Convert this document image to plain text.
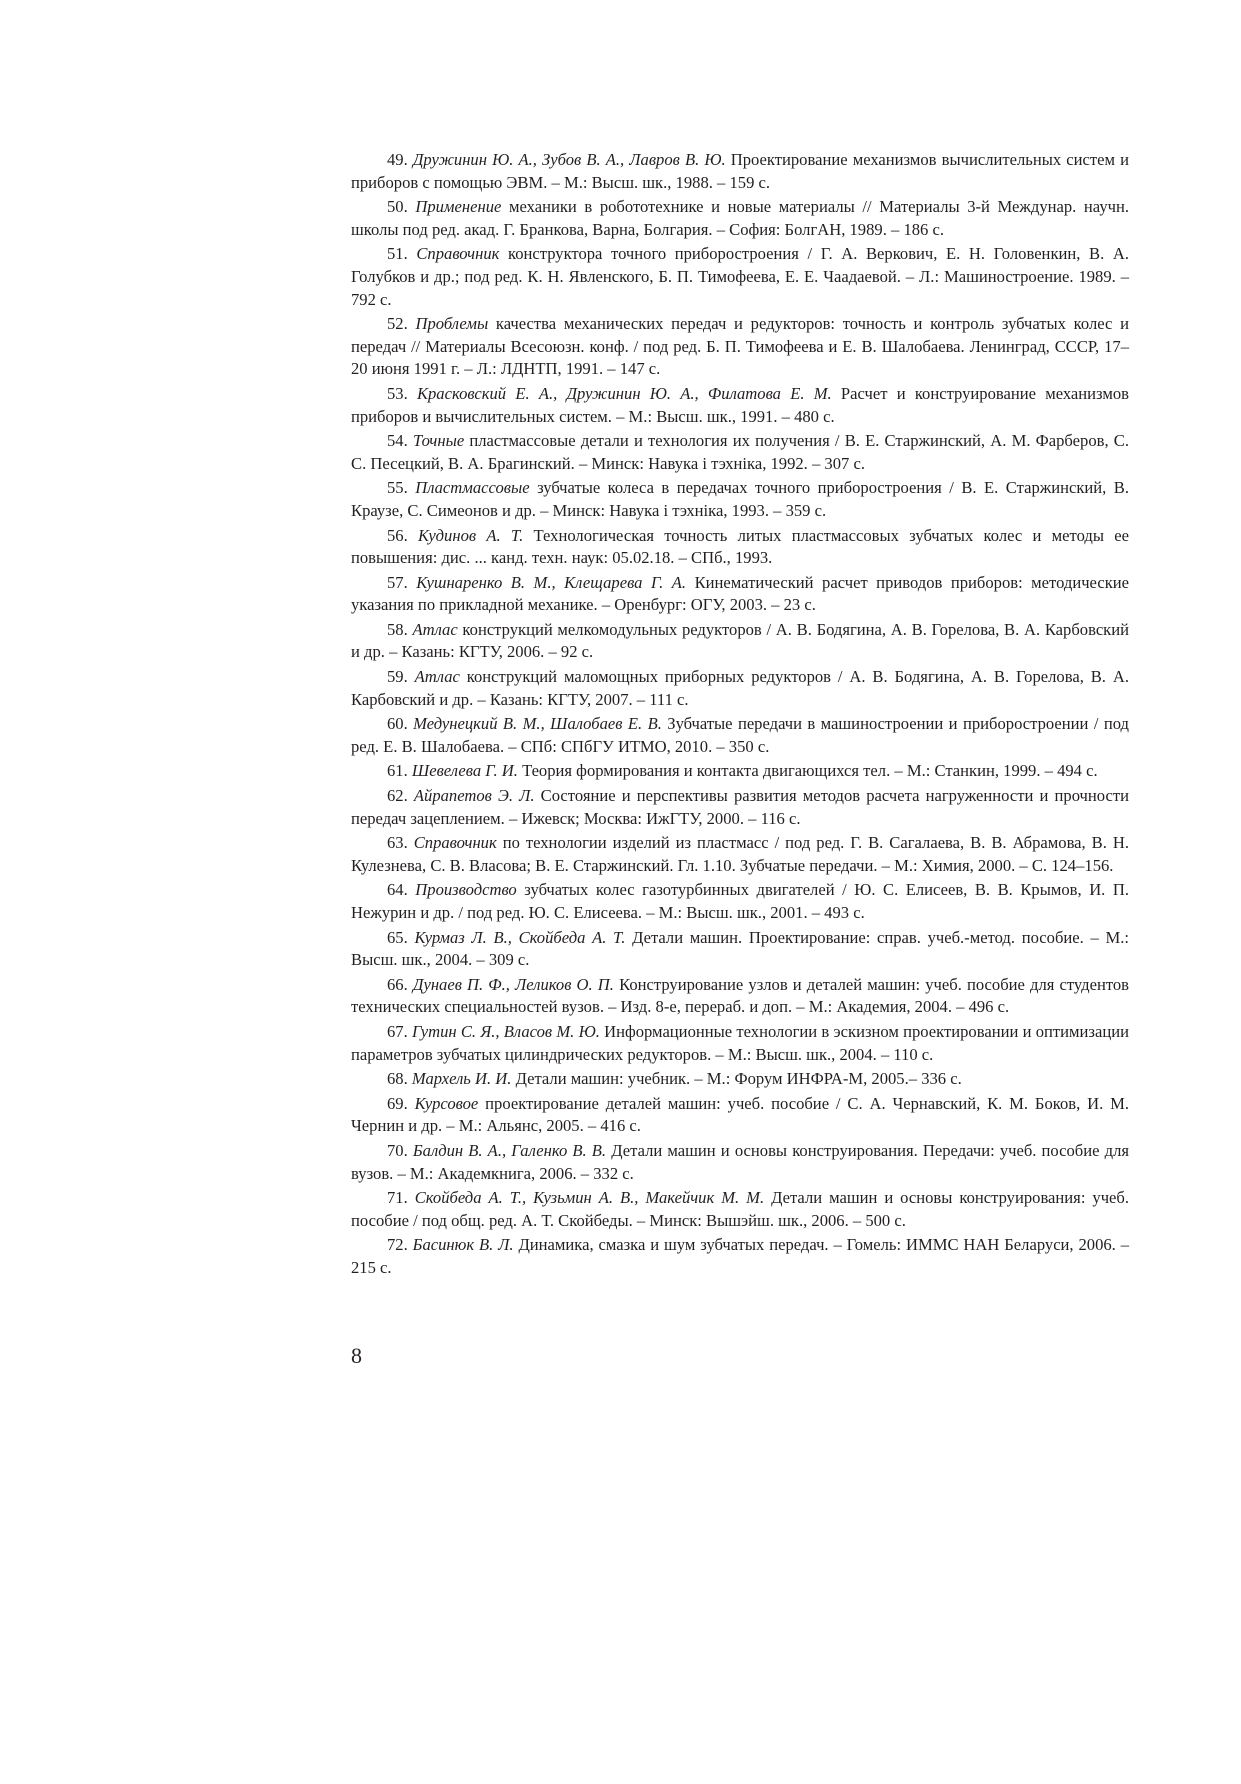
49. Дружинин Ю. А., Зубов В. А., Лавров В. Ю. Проектирование механизмов вычислительных систем и приборов с помощью ЭВМ. – М.: Высш. шк., 1988. – 159 с.

50. Применение механики в робототехнике и новые материалы // Материалы 3-й Междунар. научн. школы под ред. акад. Г. Бранкова, Варна, Болгария. – София: БолгАН, 1989. – 186 с.

51. Справочник конструктора точного приборостроения / Г. А. Веркович, Е. Н. Головенкин, В. А. Голубков и др.; под ред. К. Н. Явленского, Б. П. Тимофеева, Е. Е. Чаадаевой. – Л.: Машиностроение. 1989. – 792 с.

52. Проблемы качества механических передач и редукторов: точность и контроль зубчатых колес и передач // Материалы Всесоюзн. конф. / под ред. Б. П. Тимофеева и Е. В. Шалобаева. Ленинград, СССР, 17–20 июня 1991 г. – Л.: ЛДНТП, 1991. – 147 с.

53. Красковский Е. А., Дружинин Ю. А., Филатова Е. М. Расчет и конструирование механизмов приборов и вычислительных систем. – М.: Высш. шк., 1991. – 480 с.

54. Точные пластмассовые детали и технология их получения / В. Е. Старжинский, А. М. Фарберов, С. С. Песецкий, В. А. Брагинский. – Минск: Навука і тэхніка, 1992. – 307 с.

55. Пластмассовые зубчатые колеса в передачах точного приборостроения / В. Е. Старжинский, В. Краузе, С. Симеонов и др. – Минск: Навука і тэхніка, 1993. – 359 с.

56. Кудинов А. Т. Технологическая точность литых пластмассовых зубчатых колес и методы ее повышения: дис. ... канд. техн. наук: 05.02.18. – СПб., 1993.

57. Кушнаренко В. М., Клещарева Г. А. Кинематический расчет приводов приборов: методические указания по прикладной механике. – Оренбург: ОГУ, 2003. – 23 с.

58. Атлас конструкций мелкомодульных редукторов / А. В. Бодягина, А. В. Горелова, В. А. Карбовский и др. – Казань: КГТУ, 2006. – 92 с.

59. Атлас конструкций маломощных приборных редукторов / А. В. Бодягина, А. В. Горелова, В. А. Карбовский и др. – Казань: КГТУ, 2007. – 111 с.

60. Медунецкий В. М., Шалобаев Е. В. Зубчатые передачи в машиностроении и приборостроении / под ред. Е. В. Шалобаева. – СПб: СПбГУ ИТМО, 2010. – 350 с.

61. Шевелева Г. И. Теория формирования и контакта двигающихся тел. – М.: Станкин, 1999. – 494 с.

62. Айрапетов Э. Л. Состояние и перспективы развития методов расчета нагруженности и прочности передач зацеплением. – Ижевск; Москва: ИжГТУ, 2000. – 116 с.

63. Справочник по технологии изделий из пластмасс / под ред. Г. В. Сагалаева, В. В. Абрамова, В. Н. Кулезнева, С. В. Власова; В. Е. Старжинский. Гл. 1.10. Зубчатые передачи. – М.: Химия, 2000. – С. 124–156.

64. Производство зубчатых колес газотурбинных двигателей / Ю. С. Елисеев, В. В. Крымов, И. П. Нежурин и др. / под ред. Ю. С. Елисеева. – М.: Высш. шк., 2001. – 493 с.

65. Курмаз Л. В., Скойбеда А. Т. Детали машин. Проектирование: справ. учеб.-метод. пособие. – М.: Высш. шк., 2004. – 309 с.

66. Дунаев П. Ф., Леликов О. П. Конструирование узлов и деталей машин: учеб. пособие для студентов технических специальностей вузов. – Изд. 8-е, перераб. и доп. – М.: Академия, 2004. – 496 с.

67. Гутин С. Я., Власов М. Ю. Информационные технологии в эскизном проектировании и оптимизации параметров зубчатых цилиндрических редукторов. – М.: Высш. шк., 2004. – 110 с.

68. Мархель И. И. Детали машин: учебник. – М.: Форум ИНФРА-М, 2005.– 336 с.

69. Курсовое проектирование деталей машин: учеб. пособие / С. А. Чернавский, К. М. Боков, И. М. Чернин и др. – М.: Альянс, 2005. – 416 с.

70. Балдин В. А., Галенко В. В. Детали машин и основы конструирования. Передачи: учеб. пособие для вузов. – М.: Академкнига, 2006. – 332 с.

71. Скойбеда А. Т., Кузьмин А. В., Макейчик М. М. Детали машин и основы конструирования: учеб. пособие / под общ. ред. А. Т. Скойбеды. – Минск: Вышэйш. шк., 2006. – 500 с.

72. Басинюк В. Л. Динамика, смазка и шум зубчатых передач. – Гомель: ИММС НАН Беларуси, 2006. – 215 с.

8
